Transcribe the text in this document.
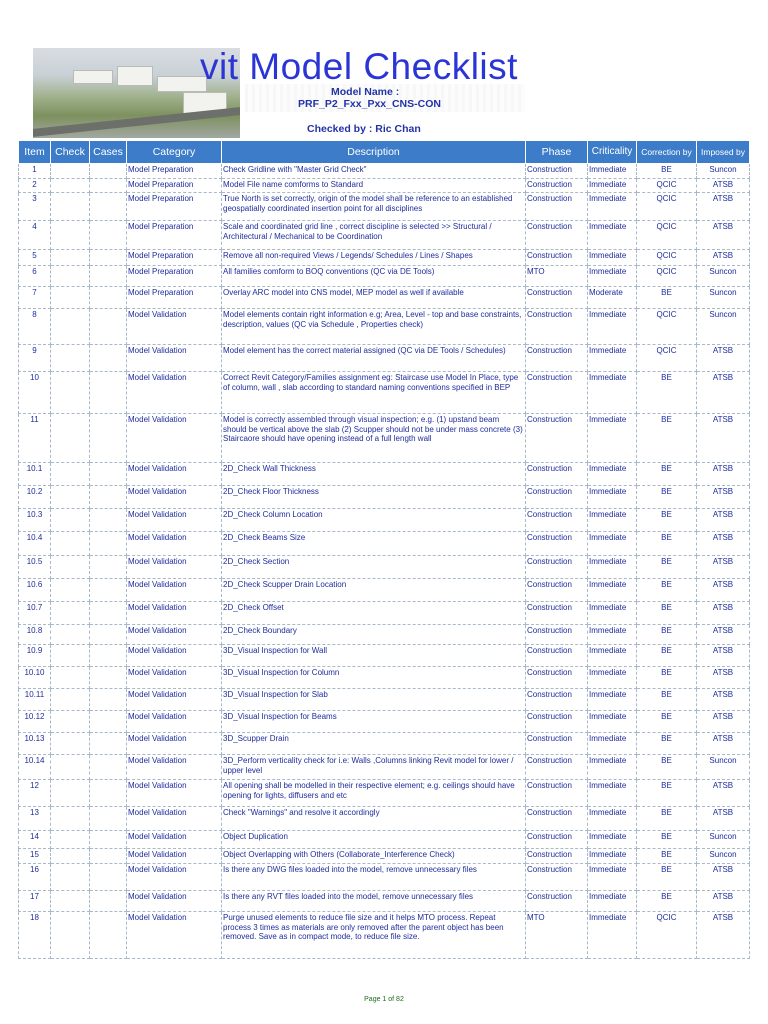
vit Model Checklist
Model Name :
PRF_P2_Fxx_Pxx_CNS-CON
Checked by : Ric Chan
Item	Check	Cases	Category	Description	Phase	Criticality	Correction by	Imposed by
1			Model Preparation	Check Gridline with "Master Grid Check"	Construction	Immediate	BE	Suncon
2			Model Preparation	Model File name comforms to Standard	Construction	Immediate	QCIC	ATSB
3			Model Preparation	True North is set correctly, origin of the model shall be reference to an established geospatially coordinated insertion point for all disciplines	Construction	Immediate	QCIC	ATSB
4			Model Preparation	Scale and coordinated grid line , correct discipline is selected >> Structural / Architectural / Mechanical to be Coordination	Construction	Immediate	QCIC	ATSB
5			Model Preparation	Remove all non-required Views / Legends/ Schedules / Lines / Shapes	Construction	Immediate	QCIC	ATSB
6			Model Preparation	All families comform to BOQ conventions (QC via DE Tools)	MTO	Immediate	QCIC	Suncon
7			Model Preparation	Overlay ARC model into CNS model, MEP model as well if available	Construction	Moderate	BE	Suncon
8			Model Validation	Model elements contain right information e.g; Area, Level - top and base constraints, description, values (QC via Schedule , Properties check)	Construction	Immediate	QCIC	Suncon
9			Model Validation	Model element has the correct material assigned (QC via DE Tools / Schedules)	Construction	Immediate	QCIC	ATSB
10			Model Validation	Correct Revit Category/Families assignment eg: Staircase use Model In Place, type of column, wall , slab according to standard naming conventions specified in BEP	Construction	Immediate	BE	ATSB
11			Model Validation	Model is correctly assembled through visual inspection; e.g. (1) upstand beam should be vertical above the slab (2) Scupper should not be under mass concrete (3) Staircaore should have opening instead of a full length wall	Construction	Immediate	BE	ATSB
10.1			Model Validation	2D_Check Wall Thickness	Construction	Immediate	BE	ATSB
10.2			Model Validation	2D_Check Floor Thickness	Construction	Immediate	BE	ATSB
10.3			Model Validation	2D_Check Column Location	Construction	Immediate	BE	ATSB
10.4			Model Validation	2D_Check Beams Size	Construction	Immediate	BE	ATSB
10.5			Model Validation	2D_Check Section	Construction	Immediate	BE	ATSB
10.6			Model Validation	2D_Check Scupper Drain Location	Construction	Immediate	BE	ATSB
10.7			Model Validation	2D_Check Offset	Construction	Immediate	BE	ATSB
10.8			Model Validation	2D_Check Boundary	Construction	Immediate	BE	ATSB
10.9			Model Validation	3D_Visual Inspection for Wall	Construction	Immediate	BE	ATSB
10.10			Model Validation	3D_Visual Inspection for Column	Construction	Immediate	BE	ATSB
10.11			Model Validation	3D_Visual Inspection for Slab	Construction	Immediate	BE	ATSB
10.12			Model Validation	3D_Visual Inspection for Beams	Construction	Immediate	BE	ATSB
10.13			Model Validation	3D_Scupper Drain	Construction	Immediate	BE	ATSB
10.14			Model Validation	3D_Perform verticality check for i.e: Walls ,Columns linking Revit model for lower / upper level	Construction	Immediate	BE	Suncon
12			Model Validation	All opening shall be modelled in their respective element; e.g. ceilings should have opening for lights, diffusers and etc	Construction	Immediate	BE	ATSB
13			Model Validation	Check "Warnings" and resolve it accordingly	Construction	Immediate	BE	ATSB
14			Model Validation	Object Duplication	Construction	Immediate	BE	Suncon
15			Model Validation	Object Overlapping with Others (Collaborate_Interference Check)	Construction	Immediate	BE	Suncon
16			Model Validation	Is there any DWG files loaded into the model, remove unnecessary files	Construction	Immediate	BE	ATSB
17			Model Validation	Is there any RVT files loaded into the model, remove unnecessary files	Construction	Immediate	BE	ATSB
18			Model Validation	Purge unused elements to reduce file size and it helps MTO process. Repeat process 3 times as materials are only removed after the parent object has been removed. Save as in compact mode, to reduce file size.	MTO	Immediate	QCIC	ATSB
Page 1 of 82
